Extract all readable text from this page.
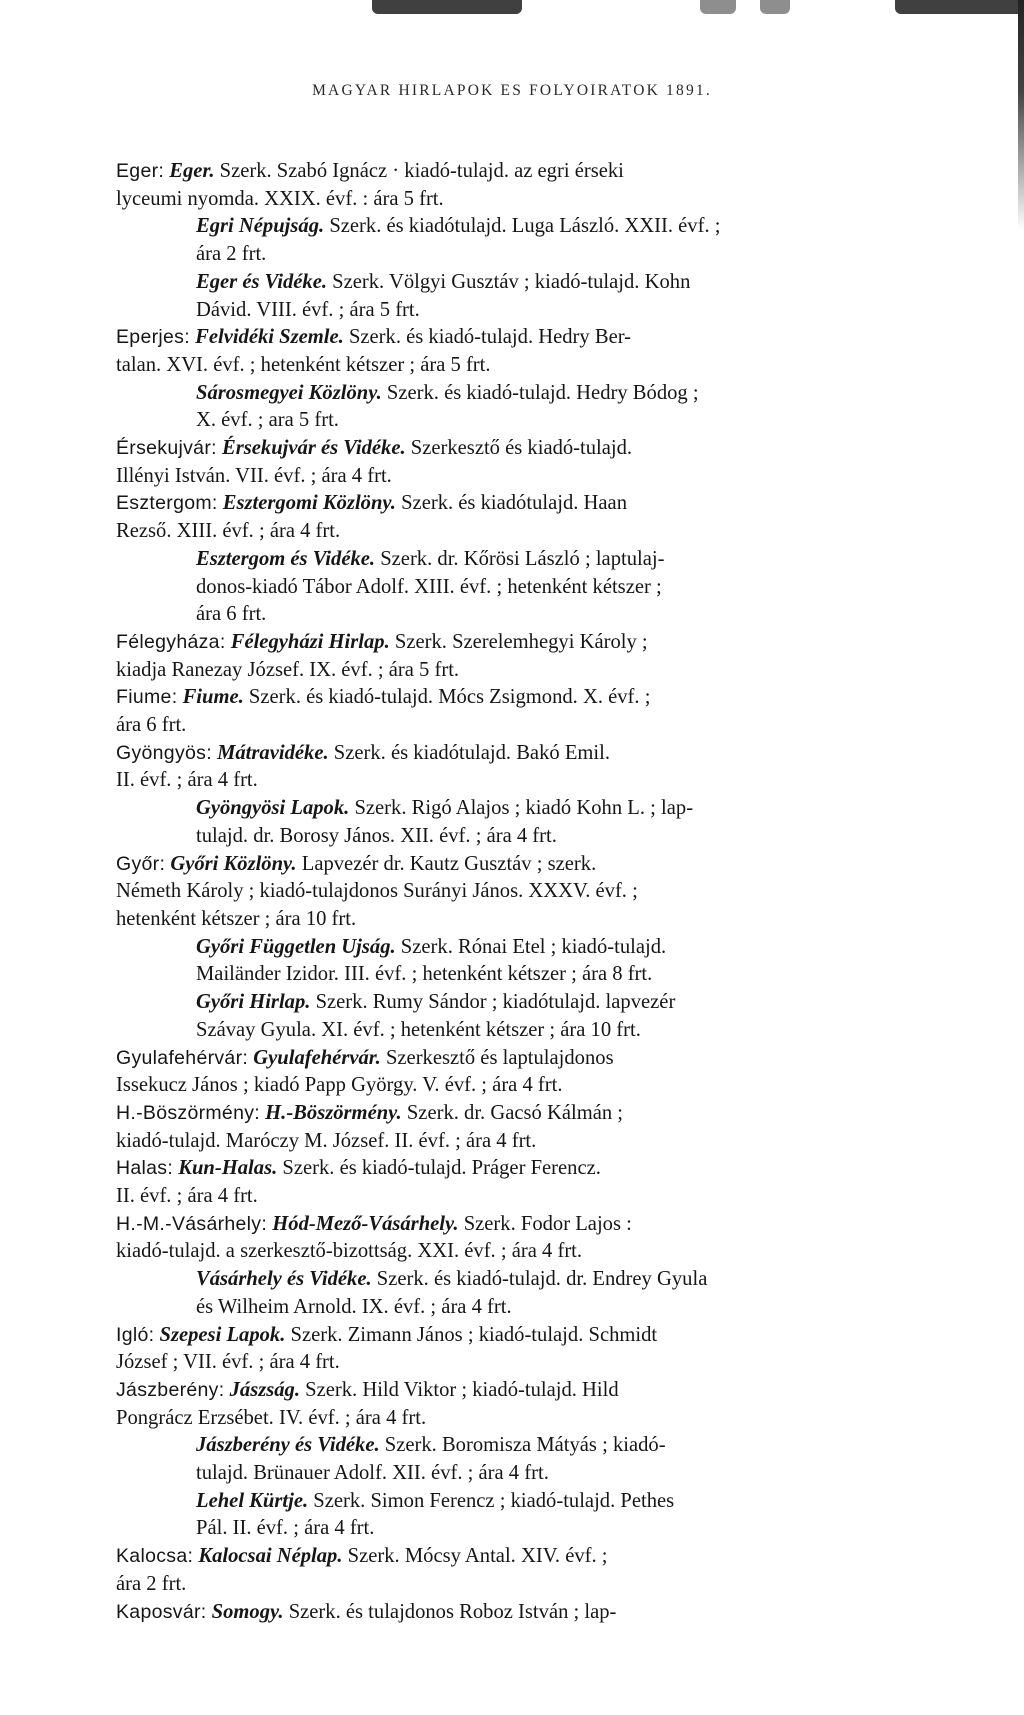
MAGYAR HIRLAPOK ES FOLYOIRATOK 1891.
Eger: Eger. Szerk. Szabó Ignácz · kiadó-tulajd. az egri érseki
lyceumi nyomda. XXIX. évf. : ára 5 frt.
Egri Népujság. Szerk. és kiadótulajd. Luga László. XXII. évf. ;
ára 2 frt.
Eger és Vidéke. Szerk. Völgyi Gusztáv ; kiadó-tulajd. Kohn
Dávid. VIII. évf. ; ára 5 frt.
Eperjes: Felvidéki Szemle. Szerk. és kiadó-tulajd. Hedry Ber-
talan. XVI. évf. ; hetenként kétszer ; ára 5 frt.
Sárosmegyei Közlöny. Szerk. és kiadó-tulajd. Hedry Bódog ;
X. évf. ; ara 5 frt.
Érsekujvár: Érsekujvár és Vidéke. Szerkesztő és kiadó-tulajd.
Illényi István. VII. évf. ; ára 4 frt.
Esztergom: Esztergomi Közlöny. Szerk. és kiadótulajd. Haan
Rezső. XIII. évf. ; ára 4 frt.
Esztergom és Vidéke. Szerk. dr. Kőrösi László ; laptulaj-
donos-kiadó Tábor Adolf. XIII. évf. ; hetenként kétszer ;
ára 6 frt.
Félegyháza: Félegyházi Hirlap. Szerk. Szerelemhegyi Károly ;
kiadja Ranezay József. IX. évf. ; ára 5 frt.
Fiume: Fiume. Szerk. és kiadó-tulajd. Mócs Zsigmond. X. évf. ;
ára 6 frt.
Gyöngyös: Mátravidéke. Szerk. és kiadótulajd. Bakó Emil.
II. évf. ; ára 4 frt.
Gyöngyösi Lapok. Szerk. Rigó Alajos ; kiadó Kohn L. ; lap-
tulajd. dr. Borosy János. XII. évf. ; ára 4 frt.
Győr: Győri Közlöny. Lapvezér dr. Kautz Gusztáv ; szerk.
Németh Károly ; kiadó-tulajdonos Surányi János. XXXV. évf. ;
hetenként kétszer ; ára 10 frt.
Győri Független Ujság. Szerk. Rónai Etel ; kiadó-tulajd.
Mailänder Izidor. III. évf. ; hetenként kétszer ; ára 8 frt.
Győri Hirlap. Szerk. Rumy Sándor ; kiadótulajd. lapvezér
Szávay Gyula. XI. évf. ; hetenként kétszer ; ára 10 frt.
Gyulafehérvár: Gyulafehérvár. Szerkesztő és laptulajdonos
Issekucz János ; kiadó Papp György. V. évf. ; ára 4 frt.
H.-Böszörmény: H.-Böszörmény. Szerk. dr. Gacsó Kálmán ;
kiadó-tulajd. Maróczy M. József. II. évf. ; ára 4 frt.
Halas: Kun-Halas. Szerk. és kiadó-tulajd. Práger Ferencz.
II. évf. ; ára 4 frt.
H.-M.-Vásárhely: Hód-Mező-Vásárhely. Szerk. Fodor Lajos :
kiadó-tulajd. a szerkesztő-bizottság. XXI. évf. ; ára 4 frt.
Vásárhely és Vidéke. Szerk. és kiadó-tulajd. dr. Endrey Gyula
és Wilheim Arnold. IX. évf. ; ára 4 frt.
Igló: Szepesi Lapok. Szerk. Zimann János ; kiadó-tulajd. Schmidt
József ; VII. évf. ; ára 4 frt.
Jászberény: Jászság. Szerk. Hild Viktor ; kiadó-tulajd. Hild
Pongrácz Erzsébet. IV. évf. ; ára 4 frt.
Jászberény és Vidéke. Szerk. Boromisza Mátyás ; kiadó-
tulajd. Brünauer Adolf. XII. évf. ; ára 4 frt.
Lehel Kürtje. Szerk. Simon Ferencz ; kiadó-tulajd. Pethes
Pál. II. évf. ; ára 4 frt.
Kalocsa: Kalocsai Néplap. Szerk. Mócsy Antal. XIV. évf. ;
ára 2 frt.
Kaposvár: Somogy. Szerk. és tulajdonos Roboz István ; lap-
